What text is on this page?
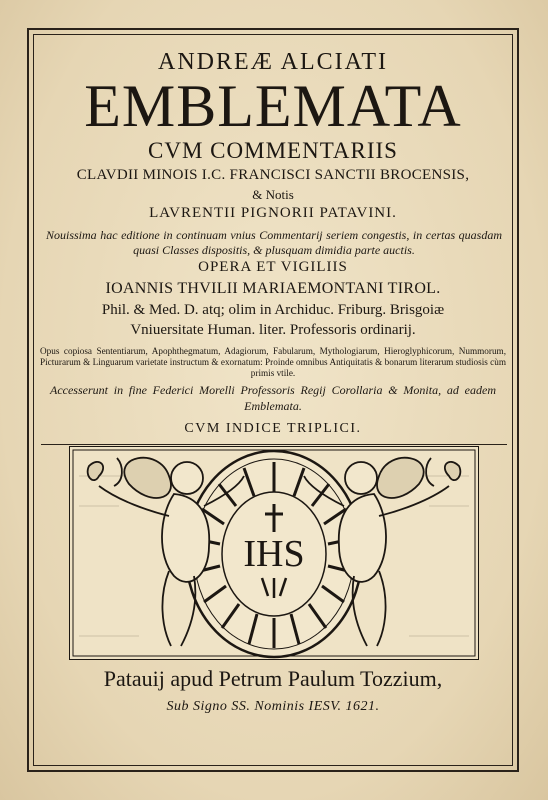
ANDREÆ ALCIATI
EMBLEMATA
CVM COMMENTARIIS
CLAVDII MINOIS I.C. FRANCISCI SANCTII BROCENSIS,
& Notis
LAVRENTII PIGNORII PATAVINI.
Nouissima hac editione in continuam vnius Commentarij seriem congestis, in certas quasdam quasi Classes dispositis, & plusquam dimidia parte auctis.
OPERA ET VIGILIIS
IOANNIS THVILII MARIAEMONTANI TIROL.
Phil. & Med. D. atq; olim in Archiduc. Friburg. Brisgoiæ
Vniuersitate Human. liter. Professoris ordinarij.
Opus copiosa Sententiarum, Apophthegmatum, Adagiorum, Fabularum, Mythologiarum, Hieroglyphicorum, Nummorum, Picturarum & Linguarum varietate instructum & exornatum: Proinde omnibus Antiquitatis & bonarum literarum studiosis cùm primis vtile.
Accesserunt in fine Federici Morelli Professoris Regij Corollaria & Monita, ad eadem Emblemata.
CVM INDICE TRIPLICI.
Patauij apud Petrum Paulum Tozzium,
Sub Signo SS. Nominis IESV. 1621.
IHS
